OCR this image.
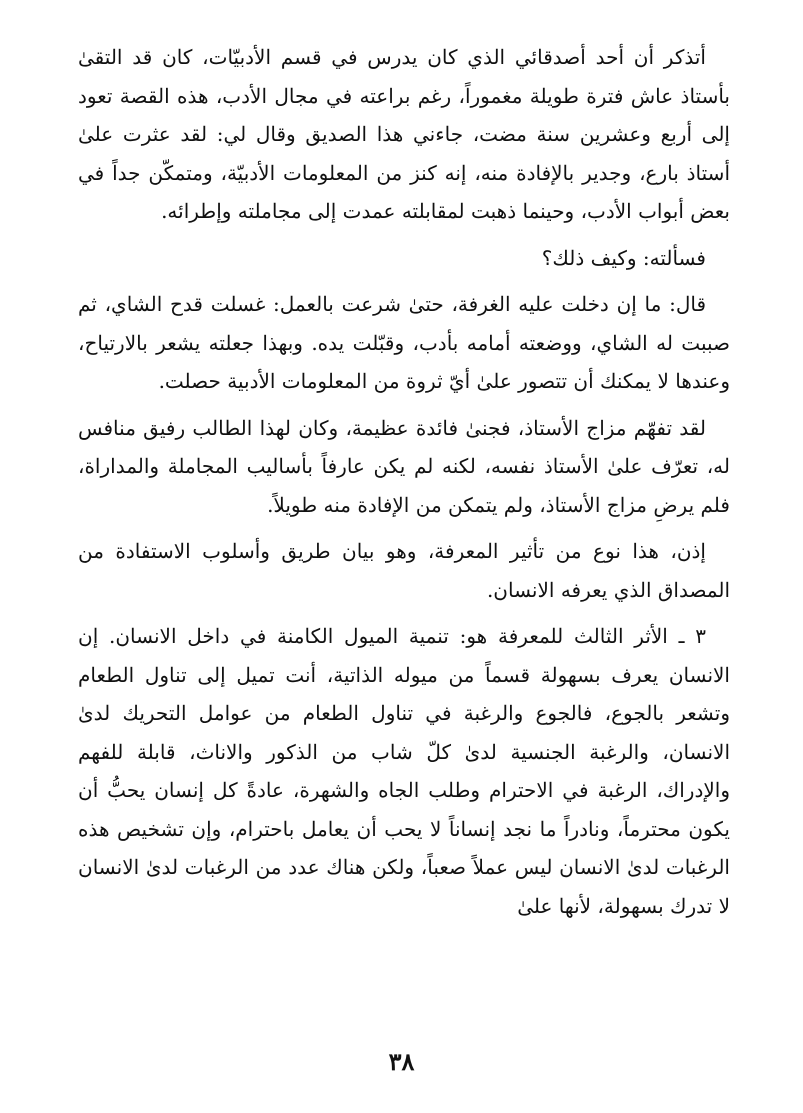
أتذكر أن أحد أصدقائي الذي كان يدرس في قسم الأدبيّات، كان قد التقىٰ بأستاذ عاش فترة طويلة مغموراً، رغم براعته في مجال الأدب، هذه القصة تعود إلى أربع وعشرين سنة مضت، جاءني هذا الصديق وقال لي: لقد عثرت علىٰ أستاذ بارع، وجدير بالإفادة منه، إنه كنز من المعلومات الأدبيّة، ومتمكّن جداً في بعض أبواب الأدب، وحينما ذهبت لمقابلته عمدت إلى مجاملته وإطرائه.

فسألته: وكيف ذلك؟

قال: ما إن دخلت عليه الغرفة، حتىٰ شرعت بالعمل: غسلت قدح الشاي، ثم صببت له الشاي، ووضعته أمامه بأدب، وقبّلت يده. وبهذا جعلته يشعر بالارتياح، وعندها لا يمكنك أن تتصور علىٰ أيّ ثروة من المعلومات الأدبية حصلت.

لقد تفهّم مزاج الأستاذ، فجنىٰ فائدة عظيمة، وكان لهذا الطالب رفيق منافس له، تعرّف علىٰ الأستاذ نفسه، لكنه لم يكن عارفاً بأساليب المجاملة والمداراة، فلم يرضِ مزاج الأستاذ، ولم يتمكن من الإفادة منه طويلاً.

إذن، هذا نوع من تأثير المعرفة، وهو بيان طريق وأسلوب الاستفادة من المصداق الذي يعرفه الانسان.

٣ ـ الأثر الثالث للمعرفة هو: تنمية الميول الكامنة في داخل الانسان. إن الانسان يعرف بسهولة قسماً من ميوله الذاتية، أنت تميل إلى تناول الطعام وتشعر بالجوع، فالجوع والرغبة في تناول الطعام من عوامل التحريك لدىٰ الانسان، والرغبة الجنسية لدىٰ كلّ شاب من الذكور والاناث، قابلة للفهم والإدراك، الرغبة في الاحترام وطلب الجاه والشهرة، عادةً كل إنسان يحبُّ أن يكون محترماً، ونادراً ما نجد إنساناً لا يحب أن يعامل باحترام، وإن تشخيص هذه الرغبات لدىٰ الانسان ليس عملاً صعباً، ولكن هناك عدد من الرغبات لدىٰ الانسان لا تدرك بسهولة، لأنها علىٰ

٣٨
